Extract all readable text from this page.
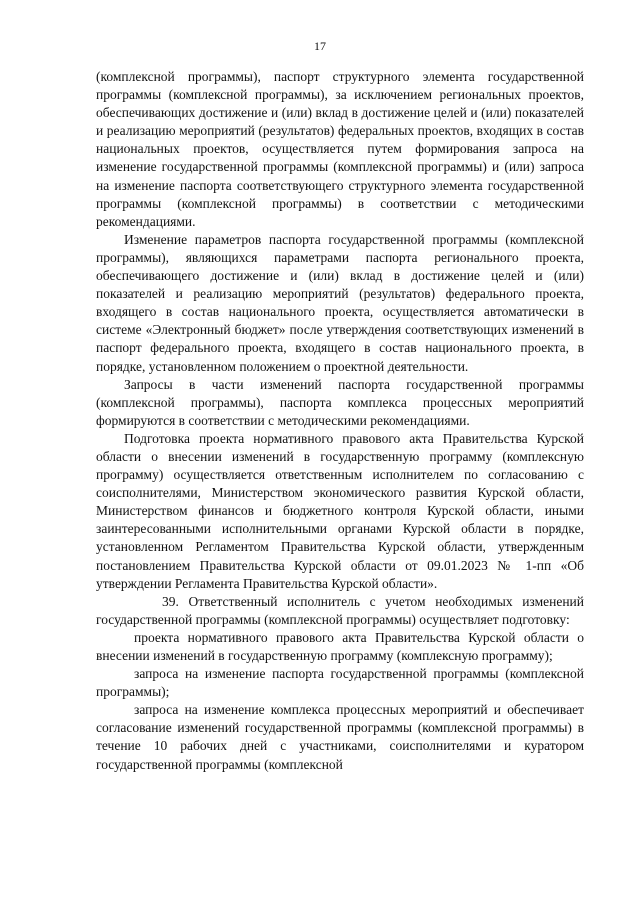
17

(комплексной программы), паспорт структурного элемента государственной программы (комплексной программы), за исключением региональных проектов, обеспечивающих достижение и (или) вклад в достижение целей и (или) показателей и реализацию мероприятий (результатов) федеральных проектов, входящих в состав национальных проектов, осуществляется путем формирования запроса на изменение государственной программы (комплексной программы) и (или) запроса на изменение паспорта соответствующего структурного элемента государственной программы (комплексной программы) в соответствии с методическими рекомендациями.

Изменение параметров паспорта государственной программы (комплексной программы), являющихся параметрами паспорта регионального проекта, обеспечивающего достижение и (или) вклад в достижение целей и (или) показателей и реализацию мероприятий (результатов) федерального проекта, входящего в состав национального проекта, осуществляется автоматически в системе «Электронный бюджет» после утверждения соответствующих изменений в паспорт федерального проекта, входящего в состав национального проекта, в порядке, установленном положением о проектной деятельности.

Запросы в части изменений паспорта государственной программы (комплексной программы), паспорта комплекса процессных мероприятий формируются в соответствии с методическими рекомендациями.

Подготовка проекта нормативного правового акта Правительства Курской области о внесении изменений в государственную программу (комплексную программу) осуществляется ответственным исполнителем по согласованию с соисполнителями, Министерством экономического развития Курской области, Министерством финансов и бюджетного контроля Курской области, иными заинтересованными исполнительными органами Курской области в порядке, установленном Регламентом Правительства Курской области, утвержденным постановлением Правительства Курской области от 09.01.2023 № 1-пп «Об утверждении Регламента Правительства Курской области».

39. Ответственный исполнитель с учетом необходимых изменений государственной программы (комплексной программы) осуществляет подготовку:

проекта нормативного правового акта Правительства Курской области о внесении изменений в государственную программу (комплексную программу);

запроса на изменение паспорта государственной программы (комплексной программы);

запроса на изменение комплекса процессных мероприятий и обеспечивает согласование изменений государственной программы (комплексной программы) в течение 10 рабочих дней с участниками, соисполнителями и куратором государственной программы (комплексной
